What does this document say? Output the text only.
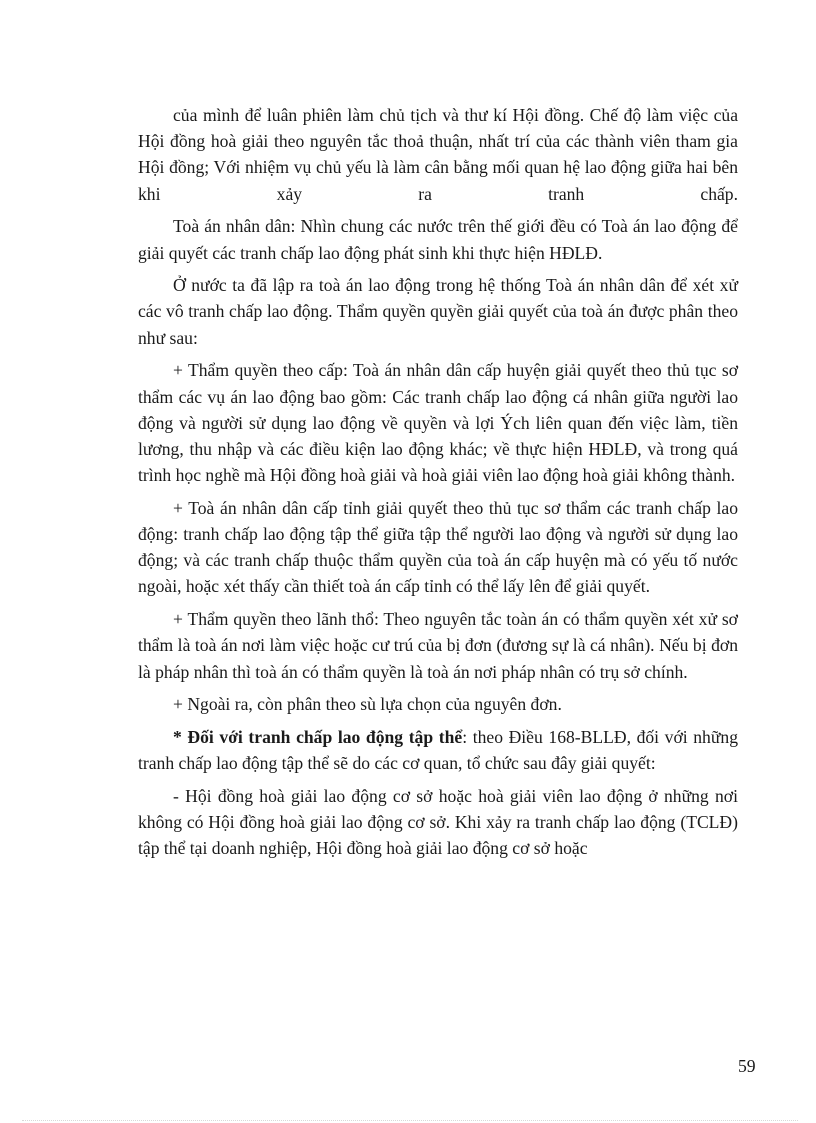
của mình để luân phiên làm chủ tịch và thư kí Hội đồng. Chế độ làm việc của Hội đồng hoà giải theo nguyên tắc thoả thuận, nhất trí của các thành viên tham gia Hội đồng; Với nhiệm vụ chủ yếu là làm cân bằng mối quan hệ lao động giữa hai bên khi xảy ra tranh chấp.

Toà án nhân dân: Nhìn chung các nước trên thế giới đều có Toà án lao động để giải quyết các tranh chấp lao động phát sinh khi thực hiện HĐLĐ.

Ở nước ta đã lập ra toà án lao động trong hệ thống Toà án nhân dân để xét xử các vô tranh chấp lao động. Thẩm quyền quyền giải quyết của toà án được phân theo như sau:

+ Thẩm quyền theo cấp: Toà án nhân dân cấp huyện giải quyết theo thủ tục sơ thẩm các vụ án lao động bao gồm: Các tranh chấp lao động cá nhân giữa người lao động và người sử dụng lao động về quyền và lợi Ých liên quan đến việc làm, tiền lương, thu nhập và các điều kiện lao động khác; về thực hiện HĐLĐ, và trong quá trình học nghề mà Hội đồng hoà giải và hoà giải viên lao động hoà giải không thành.

+ Toà án nhân dân cấp tỉnh giải quyết theo thủ tục sơ thẩm các tranh chấp lao động: tranh chấp lao động tập thể giữa tập thể người lao động và người sử dụng lao động; và các tranh chấp thuộc thẩm quyền của toà án cấp huyện mà có yếu tố nước ngoài, hoặc xét thấy cần thiết toà án cấp tỉnh có thể lấy lên để giải quyết.

+ Thẩm quyền theo lãnh thổ: Theo nguyên tắc toàn án có thẩm quyền xét xử sơ thẩm là toà án nơi làm việc hoặc cư trú của bị đơn (đương sự là cá nhân). Nếu bị đơn là pháp nhân thì toà án có thẩm quyền là toà án nơi pháp nhân có trụ sở chính.

+ Ngoài ra, còn phân theo sù lựa chọn của nguyên đơn.

* Đối với tranh chấp lao động tập thể: theo Điều 168-BLLĐ, đối với những tranh chấp lao động tập thể sẽ do các cơ quan, tổ chức sau đây giải quyết:

- Hội đồng hoà giải lao động cơ sở hoặc hoà giải viên lao động ở những nơi không có Hội đồng hoà giải lao động cơ sở. Khi xảy ra tranh chấp lao động (TCLĐ) tập thể tại doanh nghiệp, Hội đồng hoà giải lao động cơ sở hoặc

59
